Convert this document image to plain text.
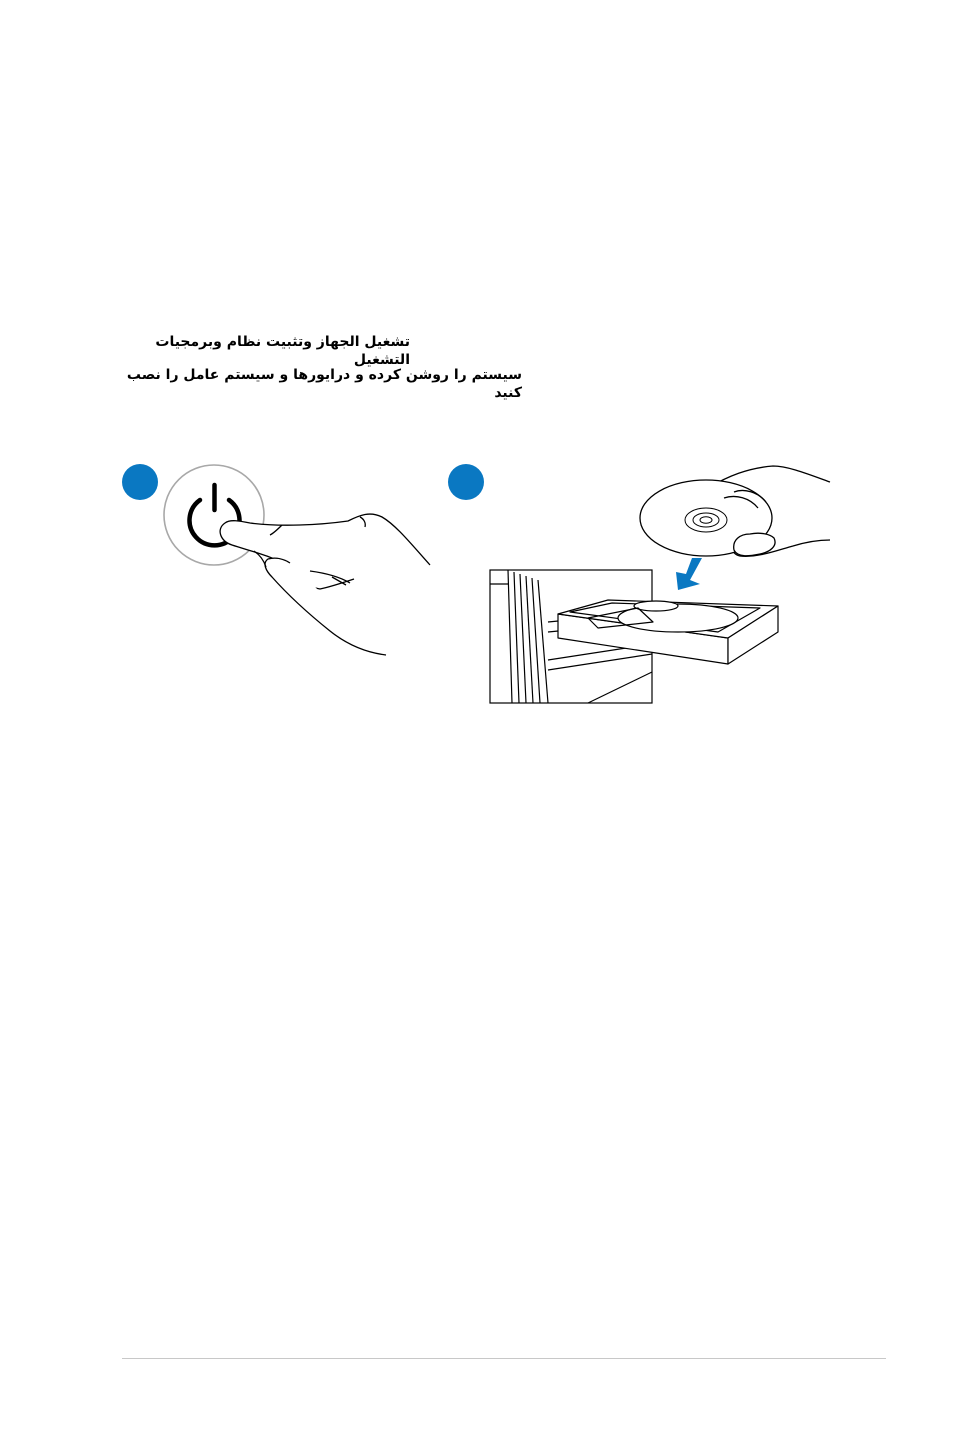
تشغيل الجهاز وتثبيت نظام وبرمجيات التشغيل
سیستم را روشن کرده و درایورها و سیستم عامل را نصب کنید
